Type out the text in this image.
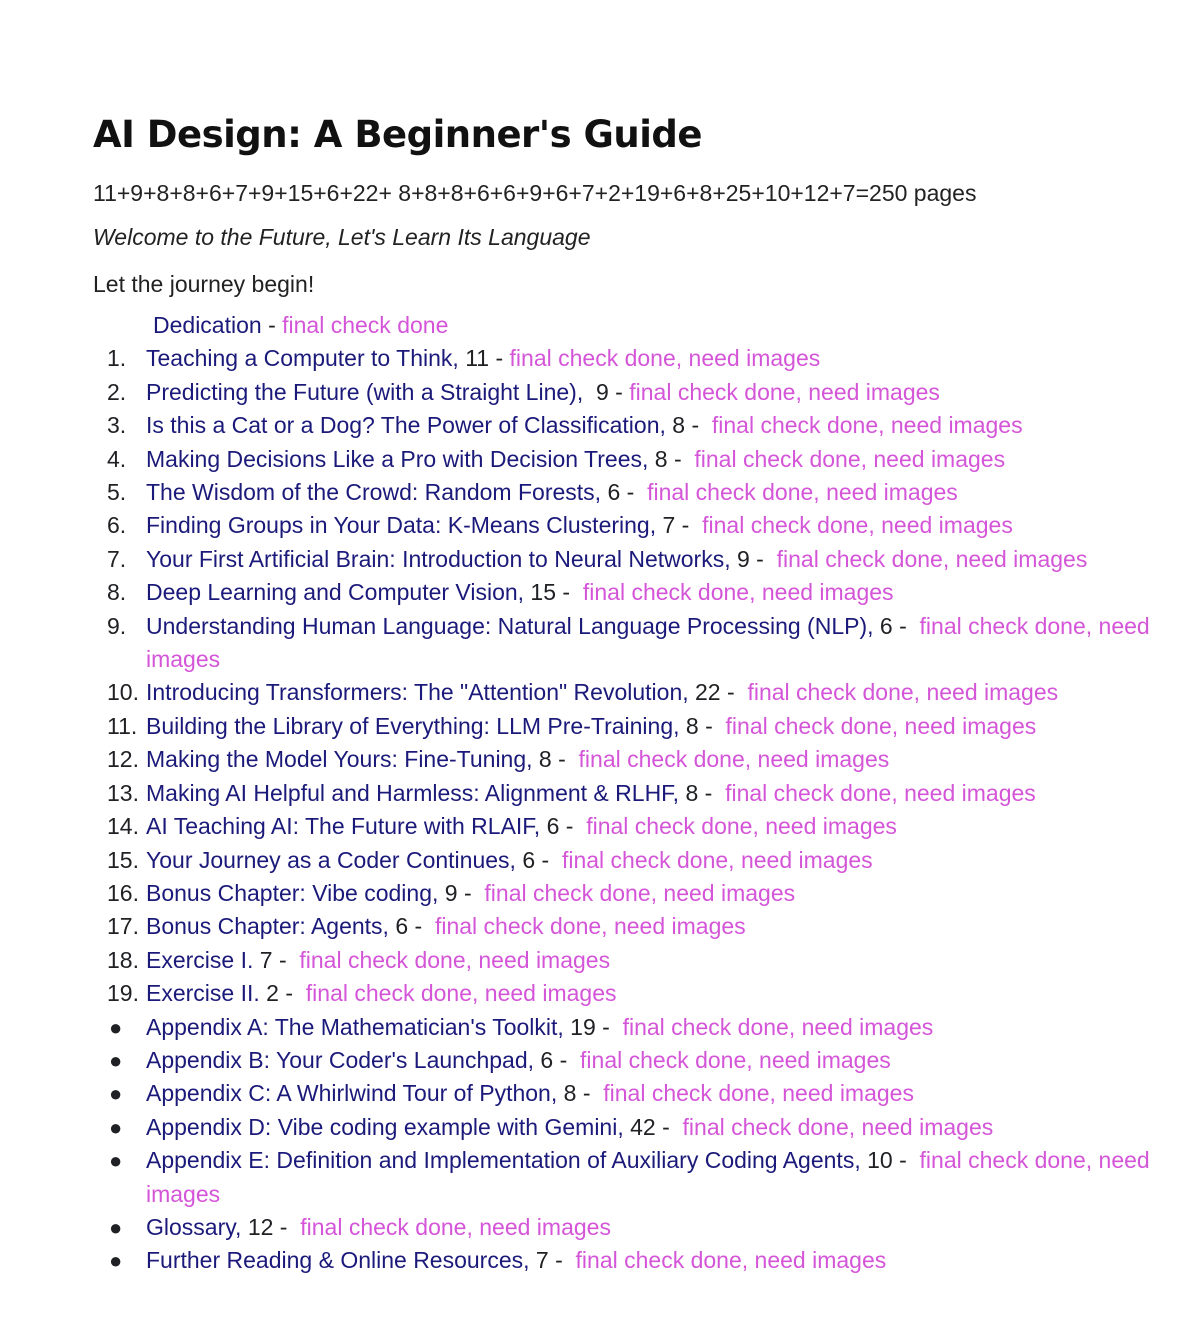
AI Design: A Beginner's Guide

11+9+8+8+6+7+9+15+6+22+ 8+8+8+6+6+9+6+7+2+19+6+8+25+10+12+7=250 pages

Welcome to the Future, Let's Learn Its Language

Let the journey begin!

Dedication - final check done
1. Teaching a Computer to Think, 11 - final check done, need images
2. Predicting the Future (with a Straight Line),  9 - final check done, need images
3. Is this a Cat or a Dog? The Power of Classification, 8 -  final check done, need images
4. Making Decisions Like a Pro with Decision Trees, 8 -  final check done, need images
5. The Wisdom of the Crowd: Random Forests, 6 -  final check done, need images
6. Finding Groups in Your Data: K-Means Clustering, 7 -  final check done, need images
7. Your First Artificial Brain: Introduction to Neural Networks, 9 -  final check done, need images
8. Deep Learning and Computer Vision, 15 -  final check done, need images
9. Understanding Human Language: Natural Language Processing (NLP), 6 -  final check done, need images
10. Introducing Transformers: The "Attention" Revolution, 22 -  final check done, need images
11. Building the Library of Everything: LLM Pre-Training, 8 -  final check done, need images
12. Making the Model Yours: Fine-Tuning, 8 -  final check done, need images
13. Making AI Helpful and Harmless: Alignment & RLHF, 8 -  final check done, need images
14. AI Teaching AI: The Future with RLAIF, 6 -  final check done, need images
15. Your Journey as a Coder Continues, 6 -  final check done, need images
16. Bonus Chapter: Vibe coding, 9 -  final check done, need images
17. Bonus Chapter: Agents, 6 -  final check done, need images
18. Exercise I. 7 -  final check done, need images
19. Exercise II. 2 -  final check done, need images
● Appendix A: The Mathematician's Toolkit, 19 -  final check done, need images
● Appendix B: Your Coder's Launchpad, 6 -  final check done, need images
● Appendix C: A Whirlwind Tour of Python, 8 -  final check done, need images
● Appendix D: Vibe coding example with Gemini, 42 -  final check done, need images
● Appendix E: Definition and Implementation of Auxiliary Coding Agents, 10 -  final check done, need images
● Glossary, 12 -  final check done, need images
● Further Reading & Online Resources, 7 -  final check done, need images
